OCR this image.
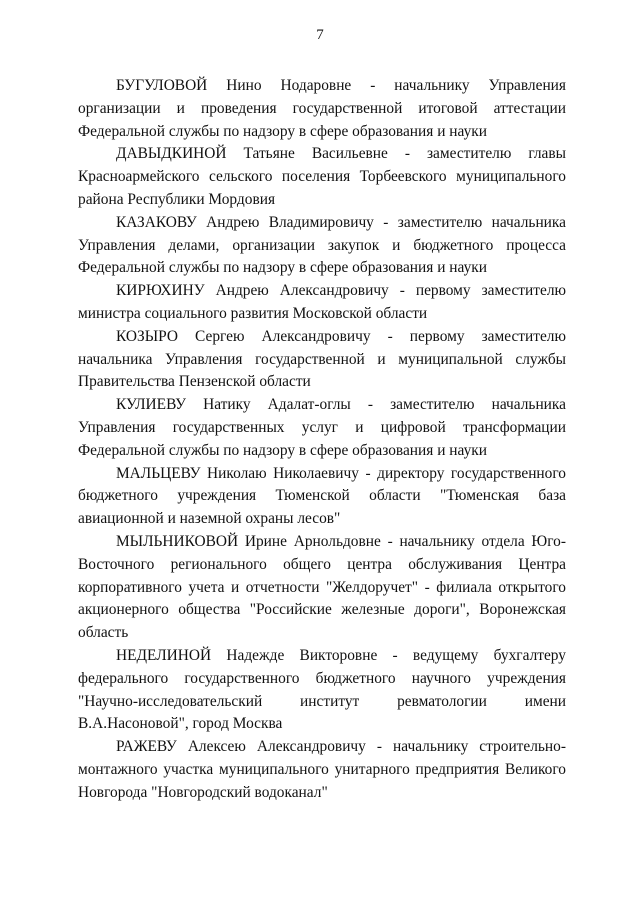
7

БУГУЛОВОЙ Нино Нодаровне - начальнику Управления организации и проведения государственной итоговой аттестации Федеральной службы по надзору в сфере образования и науки

ДАВЫДКИНОЙ Татьяне Васильевне - заместителю главы Красноармейского сельского поселения Торбеевского муниципального района Республики Мордовия

КАЗАКОВУ Андрею Владимировичу - заместителю начальника Управления делами, организации закупок и бюджетного процесса Федеральной службы по надзору в сфере образования и науки

КИРЮХИНУ Андрею Александровичу - первому заместителю министра социального развития Московской области

КОЗЫРО Сергею Александровичу - первому заместителю начальника Управления государственной и муниципальной службы Правительства Пензенской области

КУЛИЕВУ Натику Адалат-оглы - заместителю начальника Управления государственных услуг и цифровой трансформации Федеральной службы по надзору в сфере образования и науки

МАЛЬЦЕВУ Николаю Николаевичу - директору государственного бюджетного учреждения Тюменской области "Тюменская база авиационной и наземной охраны лесов"

МЫЛЬНИКОВОЙ Ирине Арнольдовне - начальнику отдела Юго-Восточного регионального общего центра обслуживания Центра корпоративного учета и отчетности "Желдоручет" - филиала открытого акционерного общества "Российские железные дороги", Воронежская область

НЕДЕЛИНОЙ Надежде Викторовне - ведущему бухгалтеру федерального государственного бюджетного научного учреждения "Научно-исследовательский институт ревматологии имени В.А.Насоновой", город Москва

РАЖЕВУ Алексею Александровичу - начальнику строительно-монтажного участка муниципального унитарного предприятия Великого Новгорода "Новгородский водоканал"
